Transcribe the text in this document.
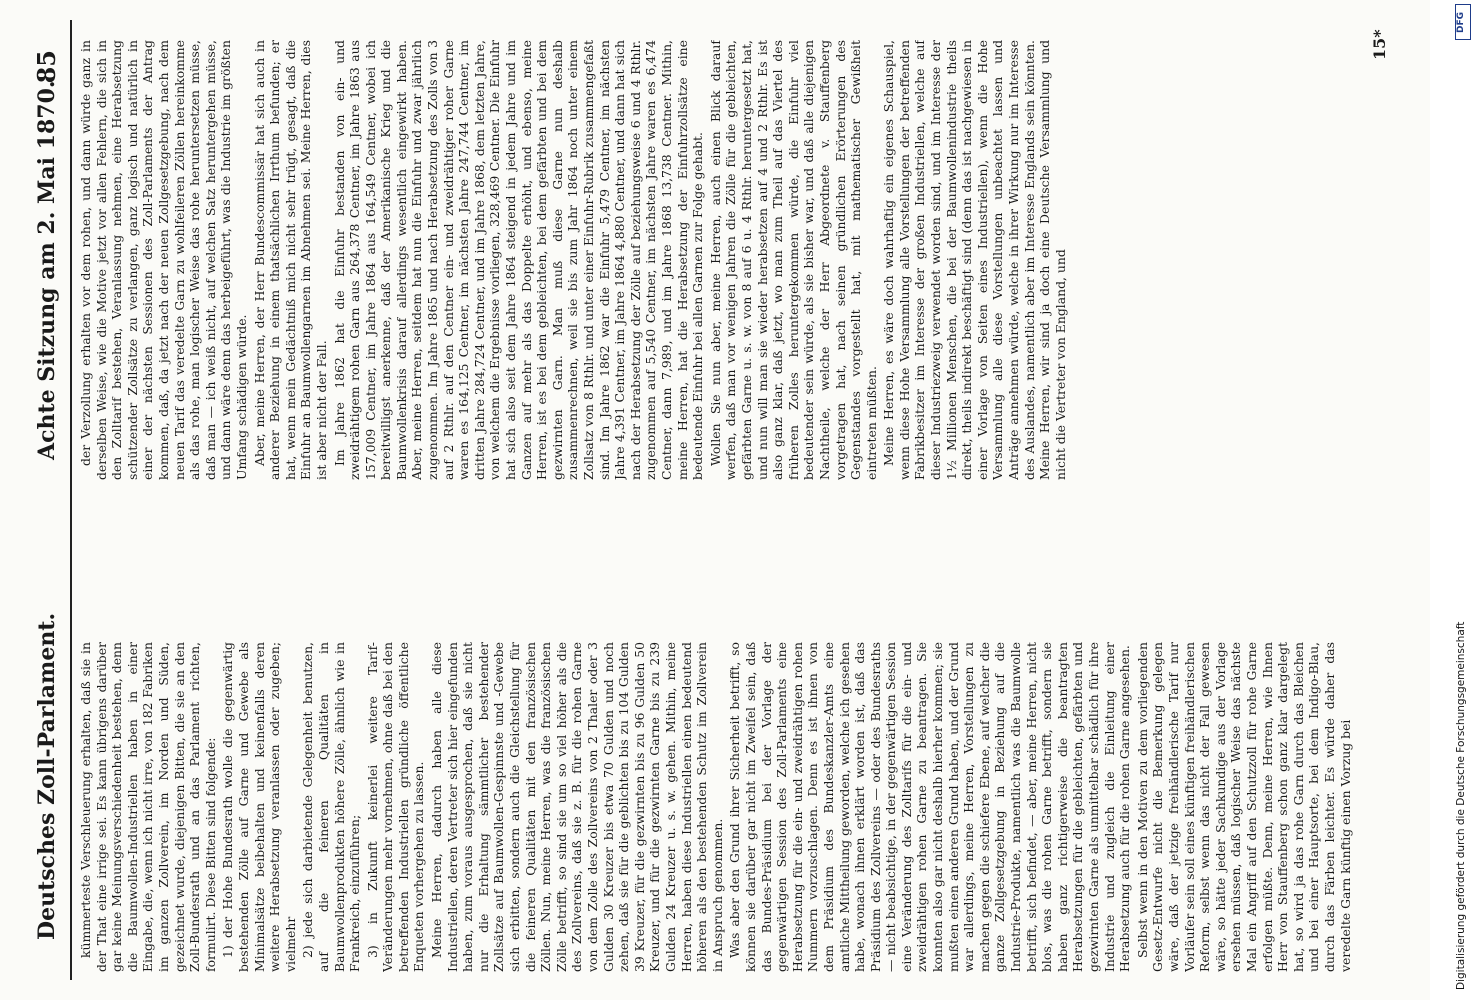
Deutsches Zoll-Parlament.
Achte Sitzung am 2. Mai 1870.
85

kümmerteste Verschleuerung erhalten, daß sie in der That eine irrige sei. Es kann übrigens darüber gar keine Meinungsverschiedenheit bestehen, denn die Baumwollen-Industriellen haben in einer Eingabe, die, wenn ich nicht irre, von 182 Fabriken im ganzen Zollverein, im Norden und Süden, gezeichnet wurde, diejenigen Bitten, die sie an den Zoll-Bundesrath und an das Parlament richten, formulirt. Diese Bitten sind folgende: 1) der Hohe Bundesrath wolle die gegenwärtig bestehenden Zölle auf Garne und Gewebe als Minimalsätze beibehalten und keinenfalls deren weitere Herabsetzung veranlassen oder zugeben; vielmehr 2) jede sich darbietende Gelegenheit benutzen, auf die feineren Qualitäten in Baumwollenprodukten höhere Zölle, ähnlich wie in Frankreich, einzuführen; 3) in Zukunft keinerlei weitere Tarif-Veränderungen mehr vornehmen, ohne daß bei den betreffenden Industriellen gründliche öffentliche Enqueten vorhergehen zu lassen. Meine Herren, dadurch haben alle diese Industriellen, deren Vertreter sich hier eingefunden haben, zum voraus ausgesprochen, daß sie nicht nur die Erhaltung sämmtlicher bestehender Zollsätze auf Baumwollen-Gespinnste und -Gewebe sich erbitten, sondern auch die Gleichstellung für die feineren Qualitäten mit den französischen Zöllen. Nun, meine Herren, was die französischen Zölle betrifft, so sind sie um so viel höher als die des Zollvereins, daß sie z. B. für die rohen Garne von dem Zolle des Zollvereins von 2 Thaler oder 3 Gulden 30 Kreuzer bis etwa 70 Gulden und noch zehen, daß sie für die geblichten bis zu 104 Gulden 39 Kreuzer, für die gezwirnten bis zu 96 Gulden 50 Kreuzer, und für die gezwirnten Garne bis zu 239 Gulden 24 Kreuzer u. s. w. gehen. Mithin, meine Herren, haben diese Industriellen einen bedeutend höheren als den bestehenden Schutz im Zollverein in Anspruch genommen. Was aber den Grund ihrer Sicherheit betrifft, so können sie darüber gar nicht im Zweifel sein, daß das Bundes-Präsidium bei der Vorlage der gegenwärtigen Session des Zoll-Parlaments eine Herabsetzung für die ein- und zweidrähtigen rohen Nummern vorzuschlagen. Denn es ist ihnen von dem Präsidium des Bundeskanzler-Amts eine amtliche Mittheilung geworden, welche ich gesehen habe, wonach ihnen erklärt worden ist, daß das Präsidium des Zollvereins — oder des Bundesraths — nicht beabsichtige, in der gegenwärtigen Session eine Veränderung des Zolltarifs für die ein- und zweidrähtigen rohen Garne zu beantragen. Sie konnten also gar nicht deshalb hierher kommen; sie mußten einen anderen Grund haben, und der Grund war allerdings, meine Herren, Vorstellungen zu machen gegen die schiefere Ebene, auf welcher die ganze Zollgesetzgebung in Beziehung auf die Industrie-Produkte, namentlich was die Baumwolle betrifft, sich befindet, — aber, meine Herren, nicht blos, was die rohen Garne betrifft, sondern sie haben ganz richtigerweise die beantragten Herabsetzungen für die gebleichten, gefärbten und gezwirnten Garne als unmittelbar schädlich für ihre Industrie und zugleich die Einleitung einer Herabsetzung auch für die rohen Garne angesehen. Selbst wenn in den Motiven zu dem vorliegenden Gesetz-Entwurfe nicht die Bemerkung gelegen wäre, daß der jetzige freihändlerische Tarif nur Vorläufer sein soll eines künftigen freihändlerischen Reform, selbst wenn das nicht der Fall gewesen wäre, so hätte jeder Sachkundige aus der Vorlage ersehen müssen, daß logischer Weise das nächste Mal ein Angriff auf den Schutzzoll für rohe Garne erfolgen müßte. Denn, meine Herren, wie Ihnen Herr von Stauffenberg schon ganz klar dargelegt hat, so wird ja das rohe Garn durch das Bleichen und bei einer Hauptsorte, bei dem Indigo-Blau, durch das Färben leichter. Es würde daher das veredelte Garn künftig einen Vorzug bei

der Verzollung erhalten vor dem rohen, und dann würde ganz in derselben Weise, wie die Motive jetzt vor allen Fehlern, die sich in den Zolltarif bestehen, Veranlassung nehmen, eine Herabsetzung schützender Zollsätze zu verlangen, ganz logisch und natürlich in einer der nächsten Sessionen des Zoll-Parlaments der Antrag kommen, daß, da jetzt nach der neuen Zollgesetzgebung, nach dem neuen Tarif das veredelte Garn zu wohlfeileren Zöllen hereinkomme als das rohe, man logischer Weise das rohe heruntersetzen müsse, daß man — ich weiß nicht, auf welchen Satz heruntergehen müsse, und dann wäre denn das herbeigeführt, was die Industrie im größten Umfang schädigen würde. Aber, meine Herren, der Herr Bundescommissär hat sich auch in anderer Beziehung in einem thatsächlichen Irrthum befunden; er hat, wenn mein Gedächtniß mich nicht sehr trügt, gesagt, daß die Einfuhr an Baumwollengarnen im Abnehmen sei. Meine Herren, dies ist aber nicht der Fall. Im Jahre 1862 hat die Einfuhr bestanden von ein- und zweidrähtigem rohen Garn aus 264,378 Centner, im Jahre 1863 aus 157,009 Centner, im Jahre 1864 aus 164,549 Centner, wobei ich bereitwilligst anerkenne, daß der Amerikanische Krieg und die Baumwollenkrisis darauf allerdings wesentlich eingewirkt haben. Aber, meine Herren, seitdem hat nun die Einfuhr und zwar jährlich zugenommen. Im Jahre 1865 und nach Herabsetzung des Zolls von 3 auf 2 Rthlr. auf den Centner ein- und zweidrähtiger roher Garne waren es 164,125 Centner, im nächsten Jahre 247,744 Centner, im dritten Jahre 284,724 Centner, und im Jahre 1868, dem letzten Jahre, von welchem die Ergebnisse vorliegen, 328,469 Centner. Die Einfuhr hat sich also seit dem Jahre 1864 steigend in jedem Jahre und im Ganzen auf mehr als das Doppelte erhöht, und ebenso, meine Herren, ist es bei dem gebleichten, bei dem gefärbten und bei dem gezwirnten Garn. Man muß diese Garne nun deshalb zusammenrechnen, weil sie bis zum Jahr 1864 noch unter einem Zollsatz von 8 Rthlr. und unter einer Einfuhr-Rubrik zusammengefaßt sind. Im Jahre 1862 war die Einfuhr 5,479 Centner, im nächsten Jahre 4,391 Centner, im Jahre 1864 4,880 Centner, und dann hat sich nach der Herabsetzung der Zölle auf beziehungsweise 6 und 4 Rthlr. zugenommen auf 5,540 Centner, im nächsten Jahre waren es 6,474 Centner, dann 7,989, und im Jahre 1868 13,738 Centner. Mithin, meine Herren, hat die Herabsetzung der Einfuhrzollsätze eine bedeutende Einfuhr bei allen Garnen zur Folge gehabt. Wollen Sie nun aber, meine Herren, auch einen Blick darauf werfen, daß man vor wenigen Jahren die Zölle für die gebleichten, gefärbten Garne u. s. w. von 8 auf 6 u. 4 Rthlr. heruntergesetzt hat, und nun will man sie wieder herabsetzen auf 4 und 2 Rthlr. Es ist also ganz klar, daß jetzt, wo man zum Theil auf das Viertel des früheren Zolles heruntergekommen würde, die Einfuhr viel bedeutender sein würde, als sie bisher war, und daß alle diejenigen Nachtheile, welche der Herr Abgeordnete v. Stauffenberg vorgetragen hat, nach seinen gründlichen Erörterungen des Gegenstandes vorgestellt hat, mit mathematischer Gewißheit eintreten müßten. Meine Herren, es wäre doch wahrhaftig ein eigenes Schauspiel, wenn diese Hohe Versammlung alle Vorstellungen der betreffenden Fabrikbesitzer im Interesse der großen Industriellen, welche auf dieser Industriezweig verwendet worden sind, und im Interesse der 1½ Millionen Menschen, die bei der Baumwollenindustrie theils direkt, theils indirekt beschäftigt sind (denn das ist nachgewiesen in einer Vorlage von Seiten eines Industriellen), wenn die Hohe Versammlung alle diese Vorstellungen unbeachtet lassen und Anträge annehmen würde, welche in ihrer Wirkung nur im Interesse des Auslandes, namentlich aber im Interesse Englands sein könnten. Meine Herren, wir sind ja doch eine Deutsche Versammlung und nicht die Vertreter von England, und

15*
DFG
Digitalisierung gefördert durch die Deutsche Forschungsgemeinschaft
